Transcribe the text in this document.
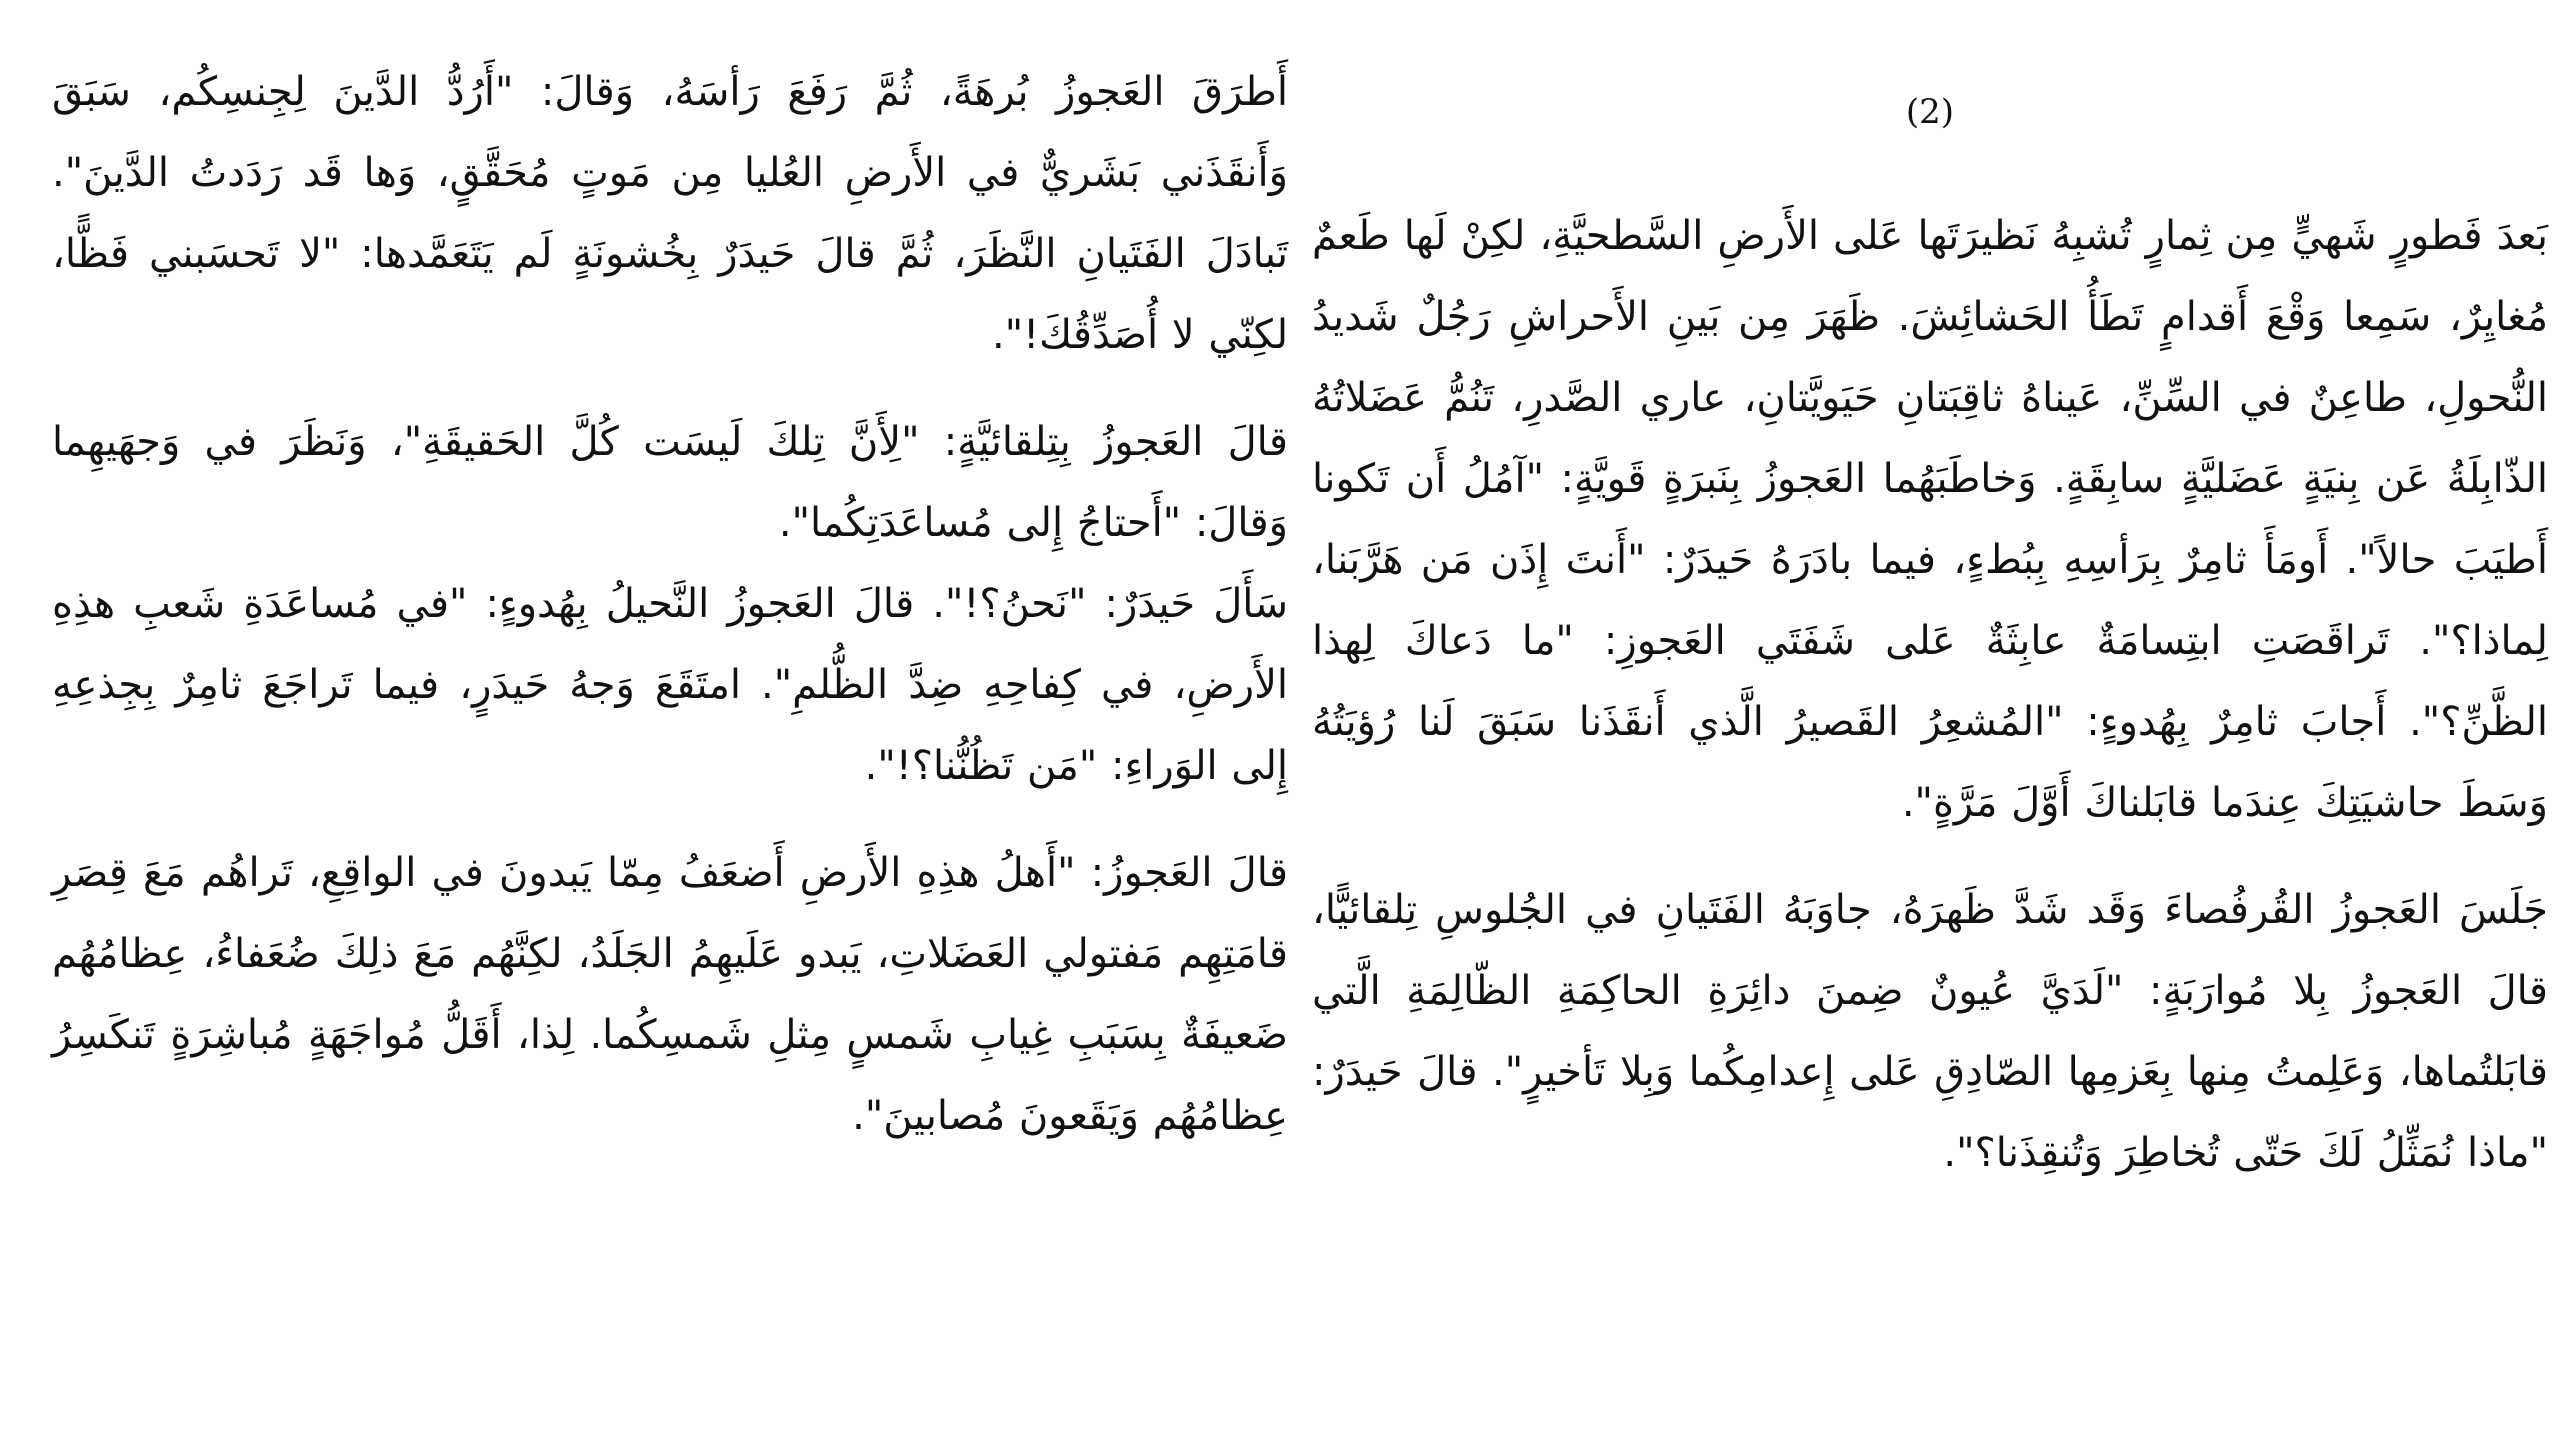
(2)

بَعدَ فَطورٍ شَهيٍّ مِن ثِمارٍ تُشبِهُ نَظيرَتَها عَلى الأَرضِ السَّطحيَّةِ، لكِنْ لَها طَعمٌ مُغايِرٌ، سَمِعا وَقْعَ أَقدامٍ تَطَأُ الحَشائِشَ. ظَهَرَ مِن بَينِ الأَحراشِ رَجُلٌ شَديدُ النُّحولِ، طاعِنٌ في السِّنِّ، عَيناهُ ثاقِبَتانِ حَيَويَّتانِ، عاري الصَّدرِ، تَنُمُّ عَضَلاتُهُ الذّابِلَةُ عَن بِنيَةٍ عَضَليَّةٍ سابِقَةٍ. وَخاطَبَهُما العَجوزُ بِنَبرَةٍ قَويَّةٍ: "آمُلُ أَن تَكونا أَطيَبَ حالاً". أَومَأَ ثامِرٌ بِرَأسِهِ بِبُطءٍ، فيما بادَرَهُ حَيدَرٌ: "أَنتَ إِذَن مَن هَرَّبَنا، لِماذا؟". تَراقَصَتِ ابتِسامَةٌ عابِثَةٌ عَلى شَفَتَي العَجوزِ: "ما دَعاكَ لِهذا الظَّنِّ؟". أَجابَ ثامِرٌ بِهُدوءٍ: "المُشعِرُ القَصيرُ الَّذي أَنقَذَنا سَبَقَ لَنا رُؤيَتُهُ وَسَطَ حاشيَتِكَ عِندَما قابَلناكَ أَوَّلَ مَرَّةٍ".

جَلَسَ العَجوزُ القُرفُصاءَ وَقَد شَدَّ ظَهرَهُ، جاوَبَهُ الفَتَيانِ في الجُلوسِ تِلقائيًّا، قالَ العَجوزُ بِلا مُوارَبَةٍ: "لَدَيَّ عُيونٌ ضِمنَ دائِرَةِ الحاكِمَةِ الظّالِمَةِ الَّتي قابَلتُماها، وَعَلِمتُ مِنها بِعَزمِها الصّادِقِ عَلى إِعدامِكُما وَبِلا تَأخيرٍ". قالَ حَيدَرٌ: "ماذا نُمَثِّلُ لَكَ حَتّى تُخاطِرَ وَتُنقِذَنا؟".

أَطرَقَ العَجوزُ بُرهَةً، ثُمَّ رَفَعَ رَأسَهُ، وَقالَ: "أَرُدُّ الدَّينَ لِجِنسِكُم، سَبَقَ وَأَنقَذَني بَشَريٌّ في الأَرضِ العُليا مِن مَوتٍ مُحَقَّقٍ، وَها قَد رَدَدتُ الدَّينَ". تَبادَلَ الفَتَيانِ النَّظَرَ، ثُمَّ قالَ حَيدَرٌ بِخُشونَةٍ لَم يَتَعَمَّدها: "لا تَحسَبني فَظًّا، لكِنّي لا أُصَدِّقُكَ!".

قالَ العَجوزُ بِتِلقائيَّةٍ: "لِأَنَّ تِلكَ لَيسَت كُلَّ الحَقيقَةِ"، وَنَظَرَ في وَجهَيهِما وَقالَ: "أَحتاجُ إِلى مُساعَدَتِكُما".

سَأَلَ حَيدَرٌ: "نَحنُ؟!". قالَ العَجوزُ النَّحيلُ بِهُدوءٍ: "في مُساعَدَةِ شَعبِ هذِهِ الأَرضِ، في كِفاحِهِ ضِدَّ الظُّلمِ". امتَقَعَ وَجهُ حَيدَرٍ، فيما تَراجَعَ ثامِرٌ بِجِذعِهِ إِلى الوَراءِ: "مَن تَظُنُّنا؟!".

قالَ العَجوزُ: "أَهلُ هذِهِ الأَرضِ أَضعَفُ مِمّا يَبدونَ في الواقِعِ، تَراهُم مَعَ قِصَرِ قامَتِهِم مَفتولي العَضَلاتِ، يَبدو عَلَيهِمُ الجَلَدُ، لكِنَّهُم مَعَ ذلِكَ ضُعَفاءُ، عِظامُهُم ضَعيفَةٌ بِسَبَبِ غِيابِ شَمسٍ مِثلِ شَمسِكُما. لِذا، أَقَلُّ مُواجَهَةٍ مُباشِرَةٍ تَنكَسِرُ عِظامُهُم وَيَقَعونَ مُصابينَ".
